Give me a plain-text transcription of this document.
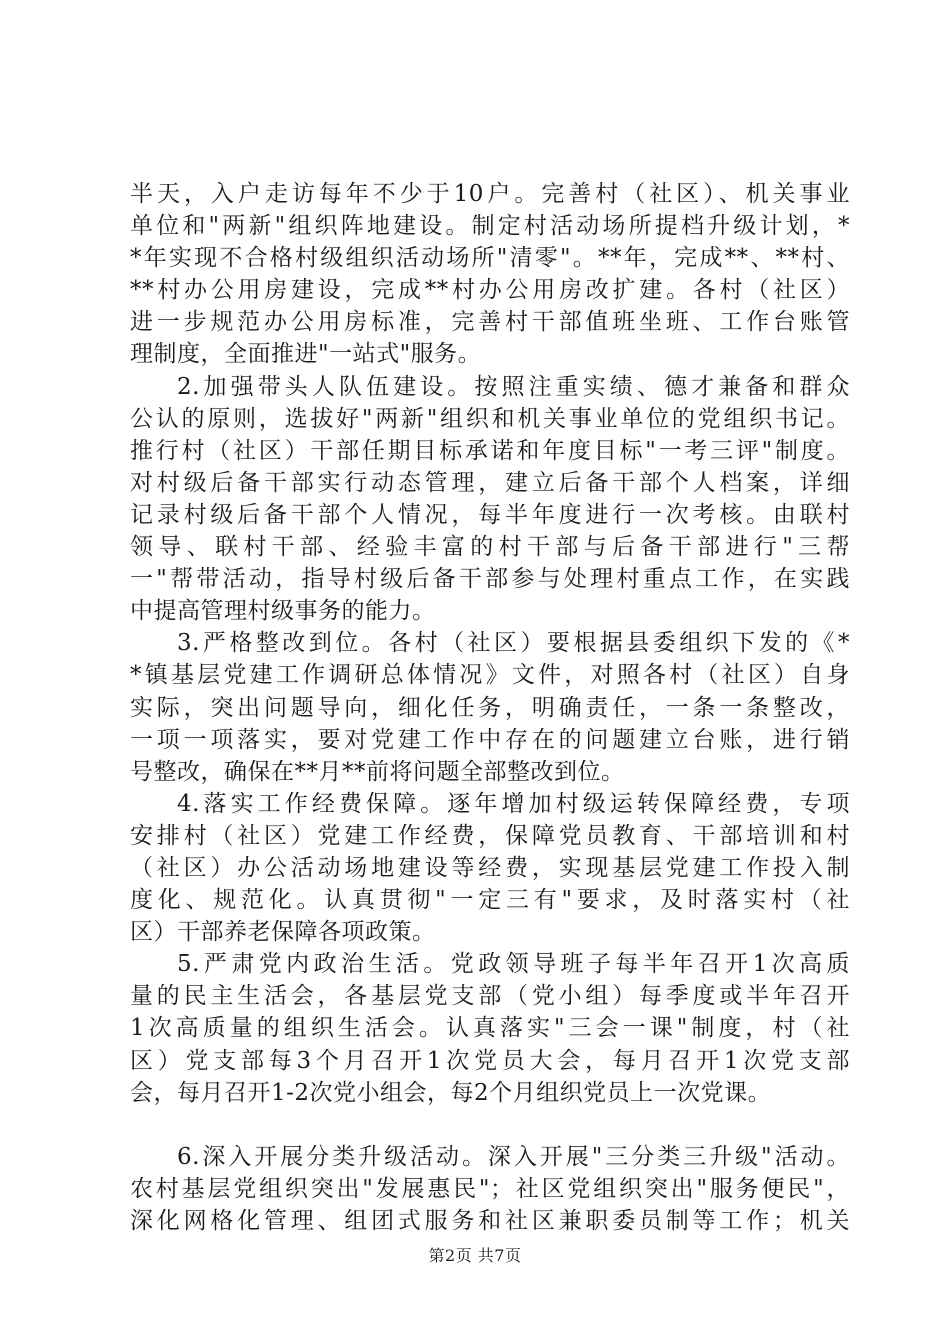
半天，入户走访每年不少于10户。完善村（社区）、机关事业
单位和"两新"组织阵地建设。制定村活动场所提档升级计划，*
*年实现不合格村级组织活动场所"清零"。**年，完成**、**村、
**村办公用房建设，完成**村办公用房改扩建。各村（社区）
进一步规范办公用房标准，完善村干部值班坐班、工作台账管
理制度，全面推进"一站式"服务。
2.加强带头人队伍建设。按照注重实绩、德才兼备和群众
公认的原则，选拔好"两新"组织和机关事业单位的党组织书记。
推行村（社区）干部任期目标承诺和年度目标"一考三评"制度。
对村级后备干部实行动态管理，建立后备干部个人档案，详细
记录村级后备干部个人情况，每半年度进行一次考核。由联村
领导、联村干部、经验丰富的村干部与后备干部进行"三帮
一"帮带活动，指导村级后备干部参与处理村重点工作，在实践
中提高管理村级事务的能力。
3.严格整改到位。各村（社区）要根据县委组织下发的《*
*镇基层党建工作调研总体情况》文件，对照各村（社区）自身
实际，突出问题导向，细化任务，明确责任，一条一条整改，
一项一项落实，要对党建工作中存在的问题建立台账，进行销
号整改，确保在**月**前将问题全部整改到位。
4.落实工作经费保障。逐年增加村级运转保障经费，专项
安排村（社区）党建工作经费，保障党员教育、干部培训和村
（社区）办公活动场地建设等经费，实现基层党建工作投入制
度化、规范化。认真贯彻"一定三有"要求，及时落实村（社
区）干部养老保障各项政策。
5.严肃党内政治生活。党政领导班子每半年召开1次高质
量的民主生活会，各基层党支部（党小组）每季度或半年召开
1次高质量的组织生活会。认真落实"三会一课"制度，村（社
区）党支部每3个月召开1次党员大会，每月召开1次党支部
会，每月召开1-2次党小组会，每2个月组织党员上一次党课。
6.深入开展分类升级活动。深入开展"三分类三升级"活动。
农村基层党组织突出"发展惠民"；社区党组织突出"服务便民"，
深化网格化管理、组团式服务和社区兼职委员制等工作；机关
第2页 共7页
